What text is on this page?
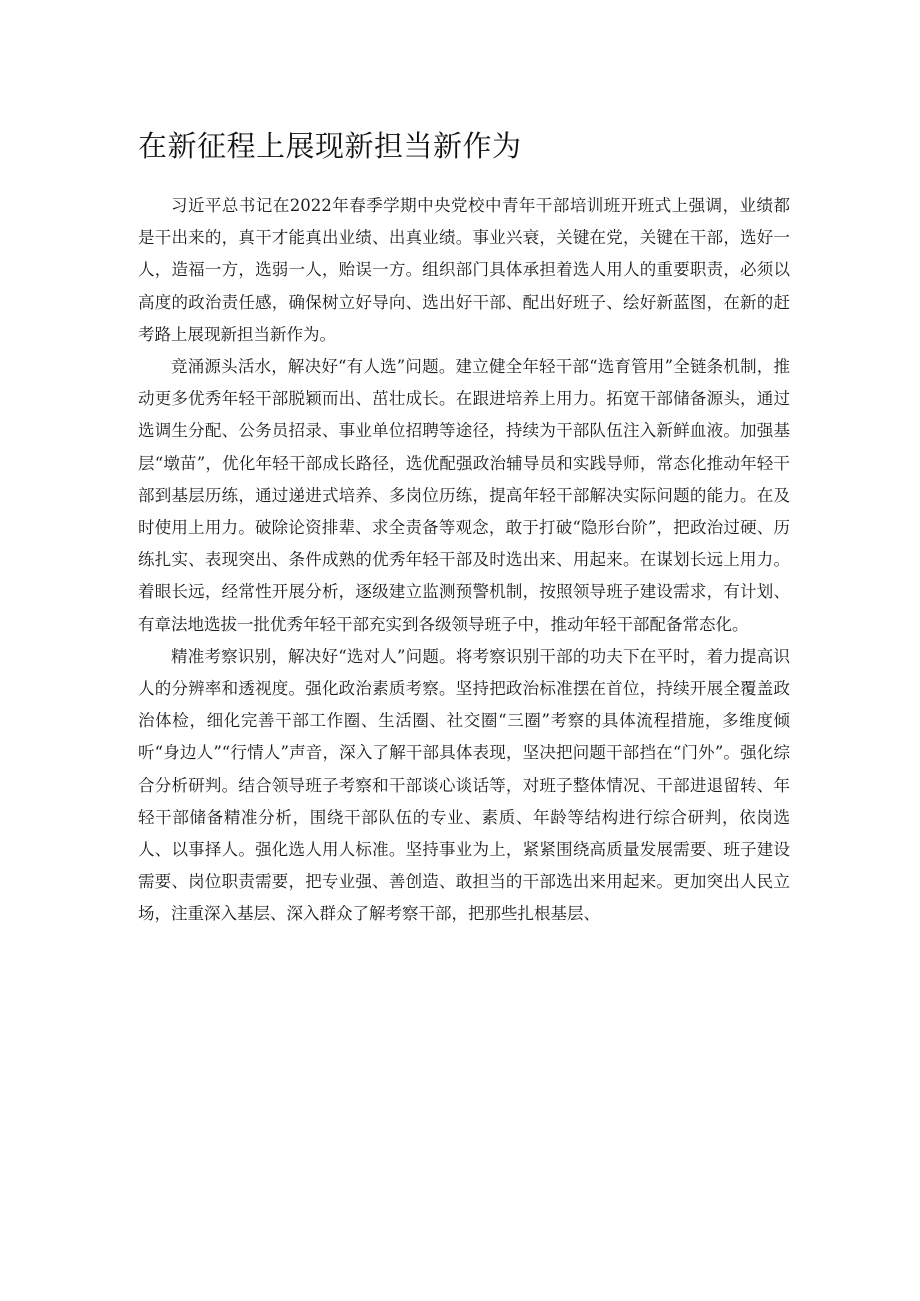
在新征程上展现新担当新作为

习近平总书记在2022年春季学期中央党校中青年干部培训班开班式上强调，业绩都是干出来的，真干才能真出业绩、出真业绩。事业兴衰，关键在党，关键在干部，选好一人，造福一方，选弱一人，贻误一方。组织部门具体承担着选人用人的重要职责，必须以高度的政治责任感，确保树立好导向、选出好干部、配出好班子、绘好新蓝图，在新的赶考路上展现新担当新作为。

竞涌源头活水，解决好“有人选”问题。建立健全年轻干部“选育管用”全链条机制，推动更多优秀年轻干部脱颖而出、茁壮成长。在跟进培养上用力。拓宽干部储备源头，通过选调生分配、公务员招录、事业单位招聘等途径，持续为干部队伍注入新鲜血液。加强基层“墩苗”，优化年轻干部成长路径，选优配强政治辅导员和实践导师，常态化推动年轻干部到基层历练，通过递进式培养、多岗位历练，提高年轻干部解决实际问题的能力。在及时使用上用力。破除论资排辈、求全责备等观念，敢于打破“隐形台阶”，把政治过硬、历练扎实、表现突出、条件成熟的优秀年轻干部及时选出来、用起来。在谋划长远上用力。着眼长远，经常性开展分析，逐级建立监测预警机制，按照领导班子建设需求，有计划、有章法地选拔一批优秀年轻干部充实到各级领导班子中，推动年轻干部配备常态化。

精准考察识别，解决好“选对人”问题。将考察识别干部的功夫下在平时，着力提高识人的分辨率和透视度。强化政治素质考察。坚持把政治标准摆在首位，持续开展全覆盖政治体检，细化完善干部工作圈、生活圈、社交圈“三圈”考察的具体流程措施，多维度倾听“身边人”“行情人”声音，深入了解干部具体表现，坚决把问题干部挡在“门外”。强化综合分析研判。结合领导班子考察和干部谈心谈话等，对班子整体情况、干部进退留转、年轻干部储备精准分析，围绕干部队伍的专业、素质、年龄等结构进行综合研判，依岗选人、以事择人。强化选人用人标准。坚持事业为上，紧紧围绕高质量发展需要、班子建设需要、岗位职责需要，把专业强、善创造、敢担当的干部选出来用起来。更加突出人民立场，注重深入基层、深入群众了解考察干部，把那些扎根基层、
